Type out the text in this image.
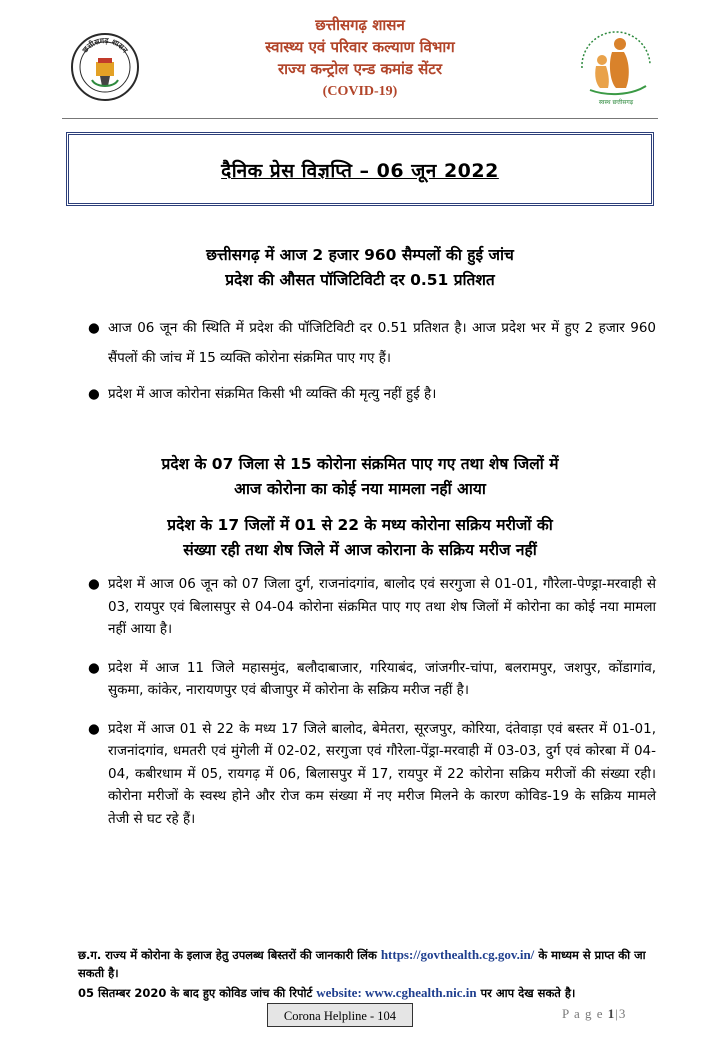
छत्तीसगढ़ शासन
छत्तीसगढ़ शासन
स्वास्थ्य एवं परिवार कल्याण विभाग
राज्य कन्ट्रोल एन्ड कमांड सेंटर
(COVID-19)
स्वस्थ छत्तीसगढ़
दैनिक प्रेस विज्ञप्ति – 06 जून 2022
छत्तीसगढ़ में आज 2 हजार 960 सैम्पलों की हुई जांच
प्रदेश की औसत पॉजिटिविटी दर 0.51 प्रतिशत
● आज 06 जून की स्थिति में प्रदेश की पॉजिटिविटी दर 0.51 प्रतिशत है। आज प्रदेश भर में हुए 2 हजार 960 सैंपलों की जांच में 15 व्यक्ति कोरोना संक्रमित पाए गए हैं।
● प्रदेश में आज कोरोना संक्रमित किसी भी व्यक्ति की मृत्यु नहीं हुई है।
प्रदेश के 07 जिला से 15 कोरोना संक्रमित पाए गए तथा शेष जिलों में
आज कोरोना का कोई नया मामला नहीं आया
प्रदेश के 17 जिलों में 01 से 22 के मध्य कोरोना सक्रिय मरीजों की
संख्या रही तथा शेष जिले में आज कोराना के सक्रिय मरीज नहीं
● प्रदेश में आज 06 जून को 07 जिला दुर्ग, राजनांदगांव, बालोद एवं सरगुजा से 01-01, गौरेला-पेण्ड्रा-मरवाही से 03, रायपुर एवं बिलासपुर से 04-04 कोरोना संक्रमित पाए गए तथा शेष जिलों में कोरोना का कोई नया मामला नहीं आया है।
● प्रदेश में आज 11 जिले महासमुंद, बलौदाबाजार, गरियाबंद, जांजगीर-चांपा, बलरामपुर, जशपुर, कोंडागांव, सुकमा, कांकेर, नारायणपुर एवं बीजापुर में कोरोना के सक्रिय मरीज नहीं है।
● प्रदेश में आज 01 से 22 के मध्य 17 जिले बालोद, बेमेतरा, सूरजपुर, कोरिया, दंतेवाड़ा एवं बस्तर में 01-01, राजनांदगांव, धमतरी एवं मुंगेली में 02-02, सरगुजा एवं गौरेला-पेंड्रा-मरवाही में 03-03, दुर्ग एवं कोरबा में 04-04, कबीरधाम में 05, रायगढ़ में 06, बिलासपुर में 17, रायपुर में 22 कोरोना सक्रिय मरीजों की संख्या रही। कोरोना मरीजों के स्वस्थ होने और रोज कम संख्या में नए मरीज मिलने के कारण कोविड-19 के सक्रिय मामले तेजी से घट रहे हैं।
छ.ग. राज्य में कोरोना के इलाज हेतु उपलब्ध बिस्तरों की जानकारी लिंक https://govthealth.cg.gov.in/ के माध्यम से प्राप्त की जा सकती है।
05 सितम्बर 2020 के बाद हुए कोविड जांच की रिपोर्ट website: www.cghealth.nic.in पर आप देख सकते है।
Corona Helpline - 104	P a g e 1|3
